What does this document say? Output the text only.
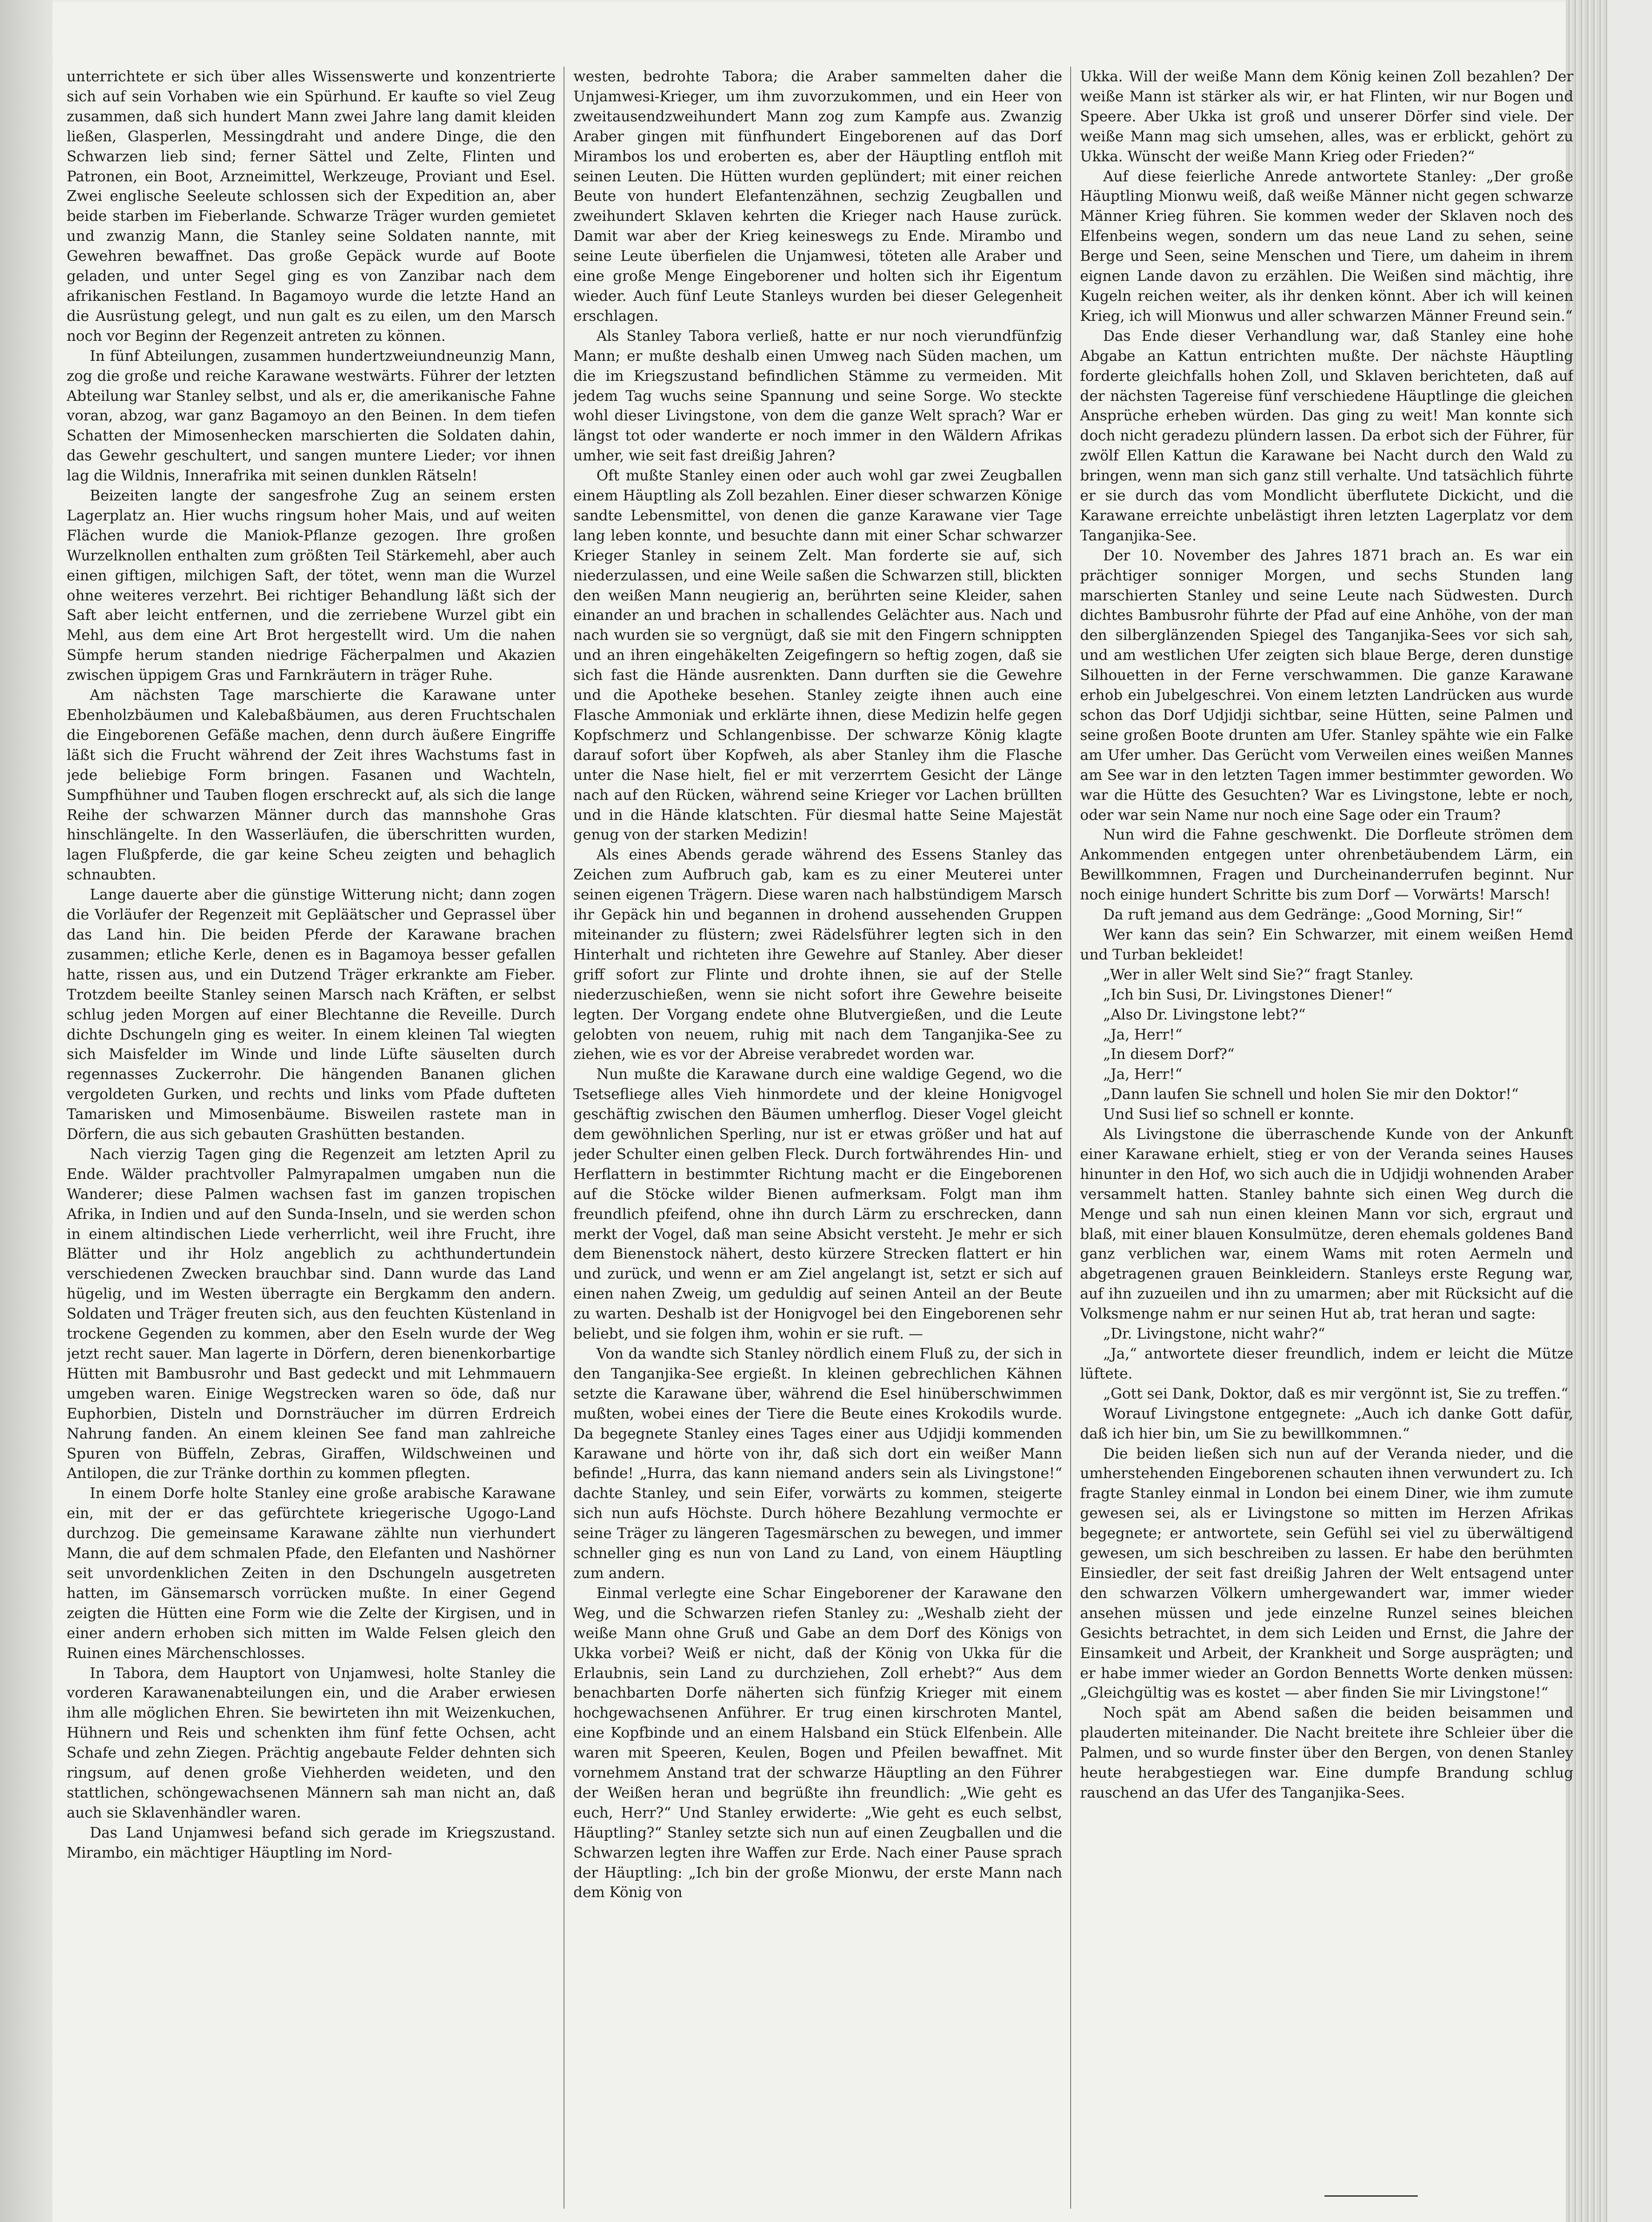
unterrichtete er sich über alles Wissenswerte und konzentrierte sich auf sein Vorhaben wie ein Spürhund. Er kaufte so viel Zeug zusammen, daß sich hundert Mann zwei Jahre lang damit kleiden ließen, Glasperlen, Messingdraht und andere Dinge, die den Schwarzen lieb sind; ferner Sättel und Zelte, Flinten und Patronen, ein Boot, Arzneimittel, Werkzeuge, Proviant und Esel. Zwei englische Seeleute schlossen sich der Expedition an, aber beide starben im Fieberlande. Schwarze Träger wurden gemietet und zwanzig Mann, die Stanley seine Soldaten nannte, mit Gewehren bewaffnet. Das große Gepäck wurde auf Boote geladen, und unter Segel ging es von Zanzibar nach dem afrikanischen Festland. In Bagamoyo wurde die letzte Hand an die Ausrüstung gelegt, und nun galt es zu eilen, um den Marsch noch vor Beginn der Regenzeit antreten zu können.

In fünf Abteilungen, zusammen hundertzweiundneunzig Mann, zog die große und reiche Karawane westwärts. Führer der letzten Abteilung war Stanley selbst, und als er, die amerikanische Fahne voran, abzog, war ganz Bagamoyo an den Beinen. In dem tiefen Schatten der Mimosenhecken marschierten die Soldaten dahin, das Gewehr geschultert, und sangen muntere Lieder; vor ihnen lag die Wildnis, Innerafrika mit seinen dunklen Rätseln!

Beizeiten langte der sangesfrohe Zug an seinem ersten Lagerplatz an. Hier wuchs ringsum hoher Mais, und auf weiten Flächen wurde die Maniok-Pflanze gezogen. Ihre großen Wurzelknollen enthalten zum größten Teil Stärkemehl, aber auch einen giftigen, milchigen Saft, der tötet, wenn man die Wurzel ohne weiteres verzehrt. Bei richtiger Behandlung läßt sich der Saft aber leicht entfernen, und die zerriebene Wurzel gibt ein Mehl, aus dem eine Art Brot hergestellt wird. Um die nahen Sümpfe herum standen niedrige Fächerpalmen und Akazien zwischen üppigem Gras und Farnkräutern in träger Ruhe.

Am nächsten Tage marschierte die Karawane unter Ebenholzbäumen und Kalebaßbäumen, aus deren Fruchtschalen die Eingeborenen Gefäße machen, denn durch äußere Eingriffe läßt sich die Frucht während der Zeit ihres Wachstums fast in jede beliebige Form bringen. Fasanen und Wachteln, Sumpfhühner und Tauben flogen erschreckt auf, als sich die lange Reihe der schwarzen Männer durch das mannshohe Gras hinschlängelte. In den Wasserläufen, die überschritten wurden, lagen Flußpferde, die gar keine Scheu zeigten und behaglich schnaubten.

Lange dauerte aber die günstige Witterung nicht; dann zogen die Vorläufer der Regenzeit mit Gepläätscher und Geprassel über das Land hin. Die beiden Pferde der Karawane brachen zusammen; etliche Kerle, denen es in Bagamoya besser gefallen hatte, rissen aus, und ein Dutzend Träger erkrankte am Fieber. Trotzdem beeilte Stanley seinen Marsch nach Kräften, er selbst schlug jeden Morgen auf einer Blechtanne die Reveille. Durch dichte Dschungeln ging es weiter. In einem kleinen Tal wiegten sich Maisfelder im Winde und linde Lüfte säuselten durch regennasses Zuckerrohr. Die hängenden Bananen glichen vergoldeten Gurken, und rechts und links vom Pfade dufteten Tamarisken und Mimosenbäume. Bisweilen rastete man in Dörfern, die aus sich gebauten Grashütten bestanden.

Nach vierzig Tagen ging die Regenzeit am letzten April zu Ende. Wälder prachtvoller Palmyrapalmen umgaben nun die Wanderer; diese Palmen wachsen fast im ganzen tropischen Afrika, in Indien und auf den Sunda-Inseln, und sie werden schon in einem altindischen Liede verherrlicht, weil ihre Frucht, ihre Blätter und ihr Holz angeblich zu achthundertundein verschiedenen Zwecken brauchbar sind. Dann wurde das Land hügelig, und im Westen überragte ein Bergkamm den andern. Soldaten und Träger freuten sich, aus den feuchten Küstenland in trockene Gegenden zu kommen, aber den Eseln wurde der Weg jetzt recht sauer. Man lagerte in Dörfern, deren bienenkorbartige Hütten mit Bambusrohr und Bast gedeckt und mit Lehmmauern umgeben waren. Einige Wegstrecken waren so öde, daß nur Euphorbien, Disteln und Dornsträucher im dürren Erdreich Nahrung fanden. An einem kleinen See fand man zahlreiche Spuren von Büffeln, Zebras, Giraffen, Wildschweinen und Antilopen, die zur Tränke dorthin zu kommen pflegten.

In einem Dorfe holte Stanley eine große arabische Karawane ein, mit der er das gefürchtete kriegerische Ugogo-Land durchzog. Die gemeinsame Karawane zählte nun vierhundert Mann, die auf dem schmalen Pfade, den Elefanten und Nashörner seit unvordenklichen Zeiten in den Dschungeln ausgetreten hatten, im Gänsemarsch vorrücken mußte. In einer Gegend zeigten die Hütten eine Form wie die Zelte der Kirgisen, und in einer andern erhoben sich mitten im Walde Felsen gleich den Ruinen eines Märchenschlosses.

In Tabora, dem Hauptort von Unjamwesi, holte Stanley die vorderen Karawanenabteilungen ein, und die Araber erwiesen ihm alle möglichen Ehren. Sie bewirteten ihn mit Weizenkuchen, Hühnern und Reis und schenkten ihm fünf fette Ochsen, acht Schafe und zehn Ziegen. Prächtig angebaute Felder dehnten sich ringsum, auf denen große Viehherden weideten, und den stattlichen, schöngewachsenen Männern sah man nicht an, daß auch sie Sklavenhändler waren.

Das Land Unjamwesi befand sich gerade im Kriegszustand. Mirambo, ein mächtiger Häuptling im Nord-

westen, bedrohte Tabora; die Araber sammelten daher die Unjamwesi-Krieger, um ihm zuvorzukommen, und ein Heer von zweitausendzweihundert Mann zog zum Kampfe aus. Zwanzig Araber gingen mit fünfhundert Eingeborenen auf das Dorf Mirambos los und eroberten es, aber der Häuptling entfloh mit seinen Leuten. Die Hütten wurden geplündert; mit einer reichen Beute von hundert Elefantenzähnen, sechzig Zeugballen und zweihundert Sklaven kehrten die Krieger nach Hause zurück. Damit war aber der Krieg keineswegs zu Ende. Mirambo und seine Leute überfielen die Unjamwesi, töteten alle Araber und eine große Menge Eingeborener und holten sich ihr Eigentum wieder. Auch fünf Leute Stanleys wurden bei dieser Gelegenheit erschlagen.

Als Stanley Tabora verließ, hatte er nur noch vierundfünfzig Mann; er mußte deshalb einen Umweg nach Süden machen, um die im Kriegszustand befindlichen Stämme zu vermeiden. Mit jedem Tag wuchs seine Spannung und seine Sorge. Wo steckte wohl dieser Livingstone, von dem die ganze Welt sprach? War er längst tot oder wanderte er noch immer in den Wäldern Afrikas umher, wie seit fast dreißig Jahren?

Oft mußte Stanley einen oder auch wohl gar zwei Zeugballen einem Häuptling als Zoll bezahlen. Einer dieser schwarzen Könige sandte Lebensmittel, von denen die ganze Karawane vier Tage lang leben konnte, und besuchte dann mit einer Schar schwarzer Krieger Stanley in seinem Zelt. Man forderte sie auf, sich niederzulassen, und eine Weile saßen die Schwarzen still, blickten den weißen Mann neugierig an, berührten seine Kleider, sahen einander an und brachen in schallendes Gelächter aus. Nach und nach wurden sie so vergnügt, daß sie mit den Fingern schnippten und an ihren eingehäkelten Zeigefingern so heftig zogen, daß sie sich fast die Hände ausrenkten. Dann durften sie die Gewehre und die Apotheke besehen. Stanley zeigte ihnen auch eine Flasche Ammoniak und erklärte ihnen, diese Medizin helfe gegen Kopfschmerz und Schlangenbisse. Der schwarze König klagte darauf sofort über Kopfweh, als aber Stanley ihm die Flasche unter die Nase hielt, fiel er mit verzerrtem Gesicht der Länge nach auf den Rücken, während seine Krieger vor Lachen brüllten und in die Hände klatschten. Für diesmal hatte Seine Majestät genug von der starken Medizin!

Als eines Abends gerade während des Essens Stanley das Zeichen zum Aufbruch gab, kam es zu einer Meuterei unter seinen eigenen Trägern. Diese waren nach halbstündigem Marsch ihr Gepäck hin und begannen in drohend aussehenden Gruppen miteinander zu flüstern; zwei Rädelsführer legten sich in den Hinterhalt und richteten ihre Gewehre auf Stanley. Aber dieser griff sofort zur Flinte und drohte ihnen, sie auf der Stelle niederzuschießen, wenn sie nicht sofort ihre Gewehre beiseite legten. Der Vorgang endete ohne Blutvergießen, und die Leute gelobten von neuem, ruhig mit nach dem Tanganjika-See zu ziehen, wie es vor der Abreise verabredet worden war.

Nun mußte die Karawane durch eine waldige Gegend, wo die Tsetsefliege alles Vieh hinmordete und der kleine Honigvogel geschäftig zwischen den Bäumen umherflog. Dieser Vogel gleicht dem gewöhnlichen Sperling, nur ist er etwas größer und hat auf jeder Schulter einen gelben Fleck. Durch fortwährendes Hin- und Herflattern in bestimmter Richtung macht er die Eingeborenen auf die Stöcke wilder Bienen aufmerksam. Folgt man ihm freundlich pfeifend, ohne ihn durch Lärm zu erschrecken, dann merkt der Vogel, daß man seine Absicht versteht. Je mehr er sich dem Bienenstock nähert, desto kürzere Strecken flattert er hin und zurück, und wenn er am Ziel angelangt ist, setzt er sich auf einen nahen Zweig, um geduldig auf seinen Anteil an der Beute zu warten. Deshalb ist der Honigvogel bei den Eingeborenen sehr beliebt, und sie folgen ihm, wohin er sie ruft. —

Von da wandte sich Stanley nördlich einem Fluß zu, der sich in den Tanganjika-See ergießt. In kleinen gebrechlichen Kähnen setzte die Karawane über, während die Esel hinüberschwimmen mußten, wobei eines der Tiere die Beute eines Krokodils wurde. Da begegnete Stanley eines Tages einer aus Udjidji kommenden Karawane und hörte von ihr, daß sich dort ein weißer Mann befinde! „Hurra, das kann niemand anders sein als Livingstone!“ dachte Stanley, und sein Eifer, vorwärts zu kommen, steigerte sich nun aufs Höchste. Durch höhere Bezahlung vermochte er seine Träger zu längeren Tagesmärschen zu bewegen, und immer schneller ging es nun von Land zu Land, von einem Häuptling zum andern.

Einmal verlegte eine Schar Eingeborener der Karawane den Weg, und die Schwarzen riefen Stanley zu: „Weshalb zieht der weiße Mann ohne Gruß und Gabe an dem Dorf des Königs von Ukka vorbei? Weiß er nicht, daß der König von Ukka für die Erlaubnis, sein Land zu durchziehen, Zoll erhebt?“ Aus dem benachbarten Dorfe näherten sich fünfzig Krieger mit einem hochgewachsenen Anführer. Er trug einen kirschroten Mantel, eine Kopfbinde und an einem Halsband ein Stück Elfenbein. Alle waren mit Speeren, Keulen, Bogen und Pfeilen bewaffnet. Mit vornehmem Anstand trat der schwarze Häuptling an den Führer der Weißen heran und begrüßte ihn freundlich: „Wie geht es euch, Herr?“ Und Stanley erwiderte: „Wie geht es euch selbst, Häuptling?“ Stanley setzte sich nun auf einen Zeugballen und die Schwarzen legten ihre Waffen zur Erde. Nach einer Pause sprach der Häuptling: „Ich bin der große Mionwu, der erste Mann nach dem König von

Ukka. Will der weiße Mann dem König keinen Zoll bezahlen? Der weiße Mann ist stärker als wir, er hat Flinten, wir nur Bogen und Speere. Aber Ukka ist groß und unserer Dörfer sind viele. Der weiße Mann mag sich umsehen, alles, was er erblickt, gehört zu Ukka. Wünscht der weiße Mann Krieg oder Frieden?“

Auf diese feierliche Anrede antwortete Stanley: „Der große Häuptling Mionwu weiß, daß weiße Männer nicht gegen schwarze Männer Krieg führen. Sie kommen weder der Sklaven noch des Elfenbeins wegen, sondern um das neue Land zu sehen, seine Berge und Seen, seine Menschen und Tiere, um daheim in ihrem eignen Lande davon zu erzählen. Die Weißen sind mächtig, ihre Kugeln reichen weiter, als ihr denken könnt. Aber ich will keinen Krieg, ich will Mionwus und aller schwarzen Männer Freund sein.“

Das Ende dieser Verhandlung war, daß Stanley eine hohe Abgabe an Kattun entrichten mußte. Der nächste Häuptling forderte gleichfalls hohen Zoll, und Sklaven berichteten, daß auf der nächsten Tagereise fünf verschiedene Häuptlinge die gleichen Ansprüche erheben würden. Das ging zu weit! Man konnte sich doch nicht geradezu plündern lassen. Da erbot sich der Führer, für zwölf Ellen Kattun die Karawane bei Nacht durch den Wald zu bringen, wenn man sich ganz still verhalte. Und tatsächlich führte er sie durch das vom Mondlicht überflutete Dickicht, und die Karawane erreichte unbelästigt ihren letzten Lagerplatz vor dem Tanganjika-See.

Der 10. November des Jahres 1871 brach an. Es war ein prächtiger sonniger Morgen, und sechs Stunden lang marschierten Stanley und seine Leute nach Südwesten. Durch dichtes Bambusrohr führte der Pfad auf eine Anhöhe, von der man den silberglänzenden Spiegel des Tanganjika-Sees vor sich sah, und am westlichen Ufer zeigten sich blaue Berge, deren dunstige Silhouetten in der Ferne verschwammen. Die ganze Karawane erhob ein Jubelgeschrei. Von einem letzten Landrücken aus wurde schon das Dorf Udjidji sichtbar, seine Hütten, seine Palmen und seine großen Boote drunten am Ufer. Stanley spähte wie ein Falke am Ufer umher. Das Gerücht vom Verweilen eines weißen Mannes am See war in den letzten Tagen immer bestimmter geworden. Wo war die Hütte des Gesuchten? War es Livingstone, lebte er noch, oder war sein Name nur noch eine Sage oder ein Traum?

Nun wird die Fahne geschwenkt. Die Dorfleute strömen dem Ankommenden entgegen unter ohrenbetäubendem Lärm, ein Bewillkommnen, Fragen und Durcheinanderrufen beginnt. Nur noch einige hundert Schritte bis zum Dorf — Vorwärts! Marsch!

Da ruft jemand aus dem Gedränge: „Good Morning, Sir!“

Wer kann das sein? Ein Schwarzer, mit einem weißen Hemd und Turban bekleidet!

„Wer in aller Welt sind Sie?“ fragt Stanley.

„Ich bin Susi, Dr. Livingstones Diener!“

„Also Dr. Livingstone lebt?“

„Ja, Herr!“

„In diesem Dorf?“

„Ja, Herr!“

„Dann laufen Sie schnell und holen Sie mir den Doktor!“

Und Susi lief so schnell er konnte.

Als Livingstone die überraschende Kunde von der Ankunft einer Karawane erhielt, stieg er von der Veranda seines Hauses hinunter in den Hof, wo sich auch die in Udjidji wohnenden Araber versammelt hatten. Stanley bahnte sich einen Weg durch die Menge und sah nun einen kleinen Mann vor sich, ergraut und blaß, mit einer blauen Konsulmütze, deren ehemals goldenes Band ganz verblichen war, einem Wams mit roten Aermeln und abgetragenen grauen Beinkleidern. Stanleys erste Regung war, auf ihn zuzueilen und ihn zu umarmen; aber mit Rücksicht auf die Volksmenge nahm er nur seinen Hut ab, trat heran und sagte:

„Dr. Livingstone, nicht wahr?“

„Ja,“ antwortete dieser freundlich, indem er leicht die Mütze lüftete.

„Gott sei Dank, Doktor, daß es mir vergönnt ist, Sie zu treffen.“

Worauf Livingstone entgegnete: „Auch ich danke Gott dafür, daß ich hier bin, um Sie zu bewillkommnen.“

Die beiden ließen sich nun auf der Veranda nieder, und die umherstehenden Eingeborenen schauten ihnen verwundert zu. Ich fragte Stanley einmal in London bei einem Diner, wie ihm zumute gewesen sei, als er Livingstone so mitten im Herzen Afrikas begegnete; er antwortete, sein Gefühl sei viel zu überwältigend gewesen, um sich beschreiben zu lassen. Er habe den berühmten Einsiedler, der seit fast dreißig Jahren der Welt entsagend unter den schwarzen Völkern umhergewandert war, immer wieder ansehen müssen und jede einzelne Runzel seines bleichen Gesichts betrachtet, in dem sich Leiden und Ernst, die Jahre der Einsamkeit und Arbeit, der Krankheit und Sorge ausprägten; und er habe immer wieder an Gordon Bennetts Worte denken müssen: „Gleichgültig was es kostet — aber finden Sie mir Livingstone!“

Noch spät am Abend saßen die beiden beisammen und plauderten miteinander. Die Nacht breitete ihre Schleier über die Palmen, und so wurde finster über den Bergen, von denen Stanley heute herabgestiegen war. Eine dumpfe Brandung schlug rauschend an das Ufer des Tanganjika-Sees.
